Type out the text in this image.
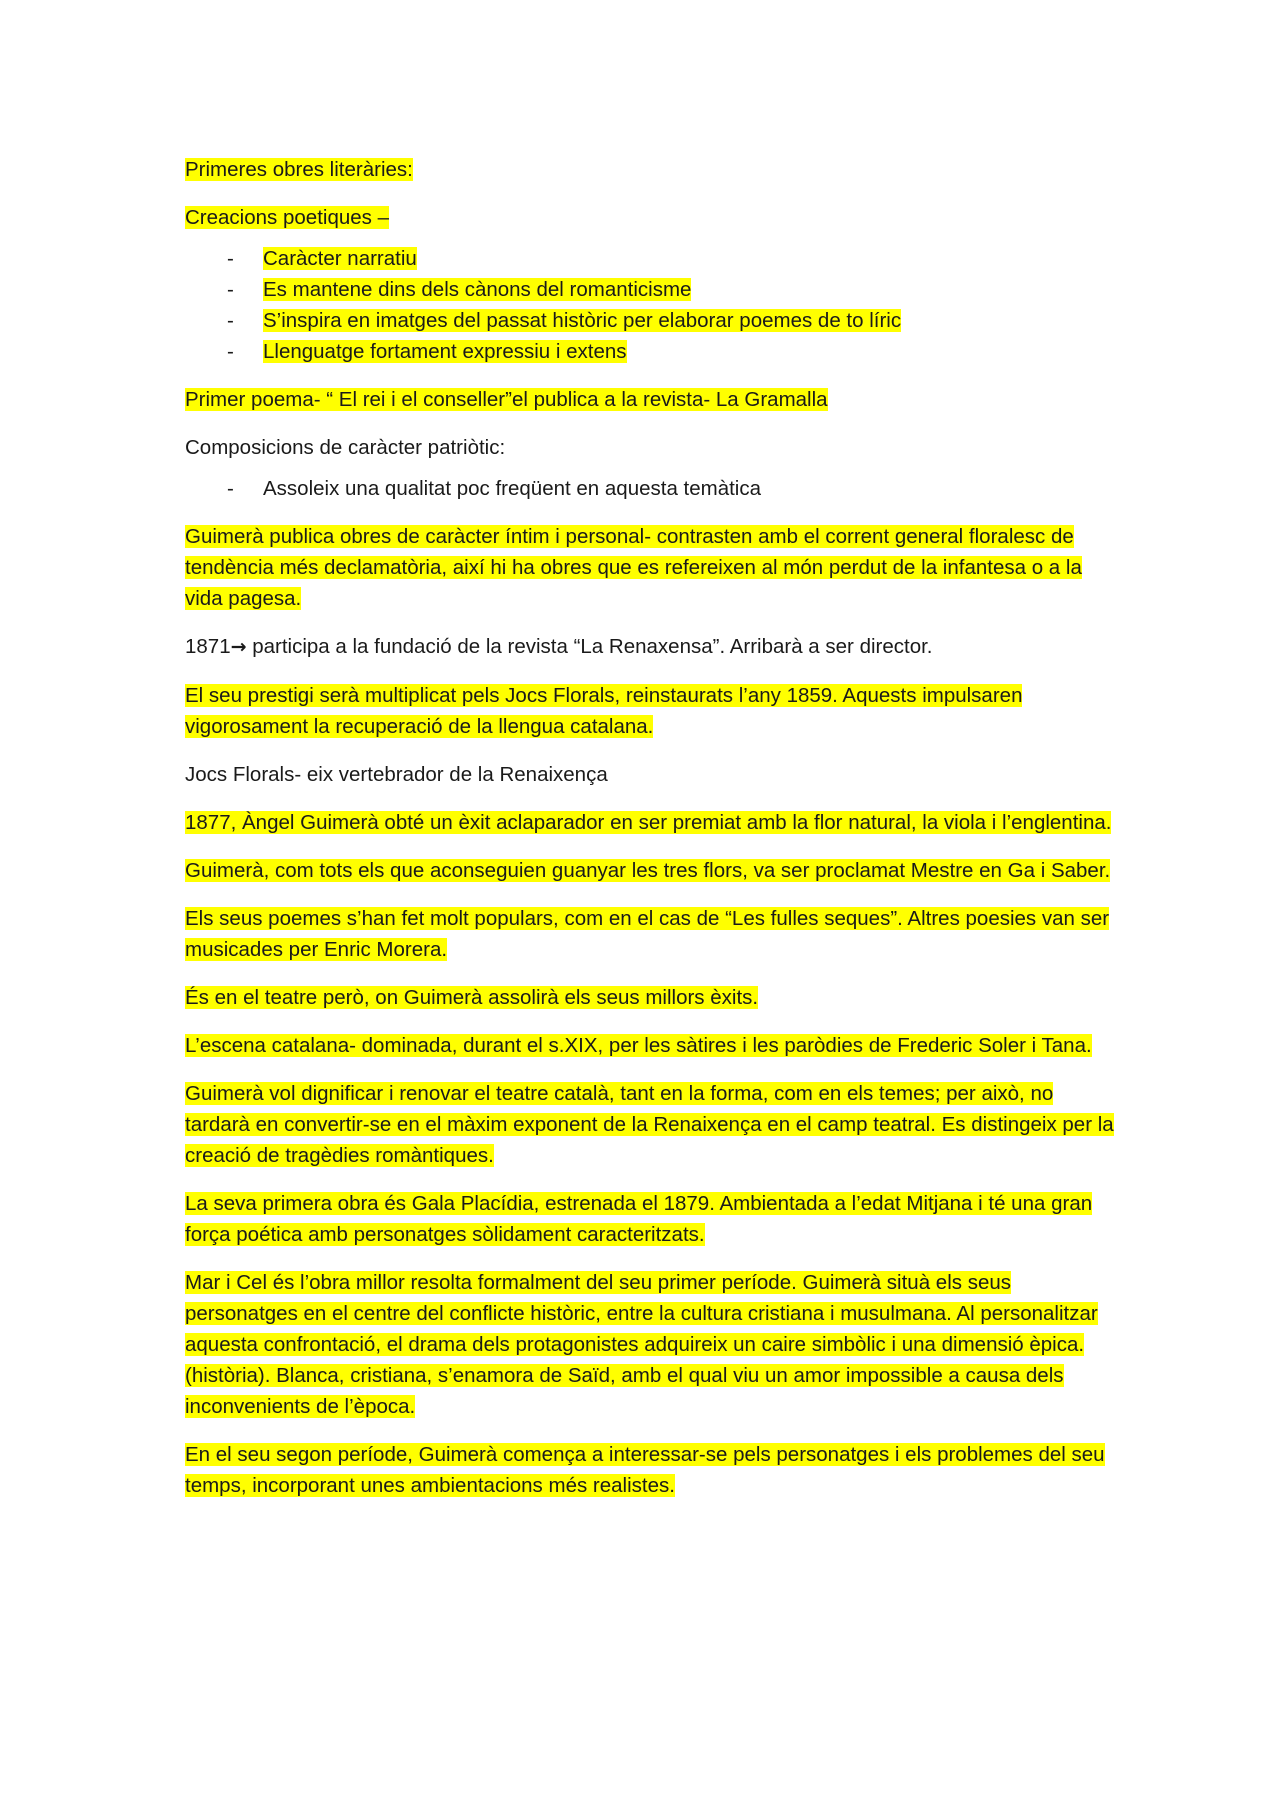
Primeres obres literàries:

Creacions poetiques –

- Caràcter narratiu
- Es mantene dins dels cànons del romanticisme
- S’inspira en imatges del passat històric per elaborar poemes de to líric
- Llenguatge fortament expressiu i extens

Primer poema- “ El rei i el conseller”el publica a la revista- La Gramalla

Composicions de caràcter patriòtic:

- Assoleix una qualitat poc freqüent en aquesta temàtica

Guimerà publica obres de caràcter íntim i personal- contrasten amb el corrent general floralesc de tendència més declamatòria, així hi ha obres que es refereixen al món perdut de la infantesa o a la vida pagesa.

1871→ participa a la fundació de la revista “La Renaxensa”. Arribarà a ser director.

El seu prestigi serà multiplicat pels Jocs Florals, reinstaurats l’any 1859. Aquests impulsaren vigorosament la recuperació de la llengua catalana.

Jocs Florals- eix vertebrador de la Renaixença

1877, Àngel Guimerà obté un èxit aclaparador en ser premiat amb la flor natural, la viola i l’englentina.

Guimerà, com tots els que aconseguien guanyar les tres flors, va ser proclamat Mestre en Ga i Saber.

Els seus poemes s’han fet molt populars, com en el cas de “Les fulles seques”. Altres poesies van ser musicades per Enric Morera.

És en el teatre però, on Guimerà assolirà els seus millors èxits.

L’escena catalana- dominada, durant el s.XIX, per les sàtires i les paròdies de Frederic Soler i Tana.

Guimerà vol dignificar i renovar el teatre català, tant en la forma, com en els temes; per això, no tardarà en convertir-se en el màxim exponent de la Renaixença en el camp teatral. Es distingeix per la creació de tragèdies romàntiques.

La seva primera obra és Gala Placídia, estrenada el 1879. Ambientada a l’edat Mitjana i té una gran força poética amb personatges sòlidament caracteritzats.

Mar i Cel és l’obra millor resolta formalment del seu primer període. Guimerà situà els seus personatges en el centre del conflicte històric, entre la cultura cristiana i musulmana. Al personalitzar aquesta confrontació, el drama dels protagonistes adquireix un caire simbòlic i una dimensió èpica. (història). Blanca, cristiana, s’enamora de Saïd, amb el qual viu un amor impossible a causa dels inconvenients de l’època.

En el seu segon període, Guimerà comença a interessar-se pels personatges i els problemes del seu temps, incorporant unes ambientacions més realistes.
